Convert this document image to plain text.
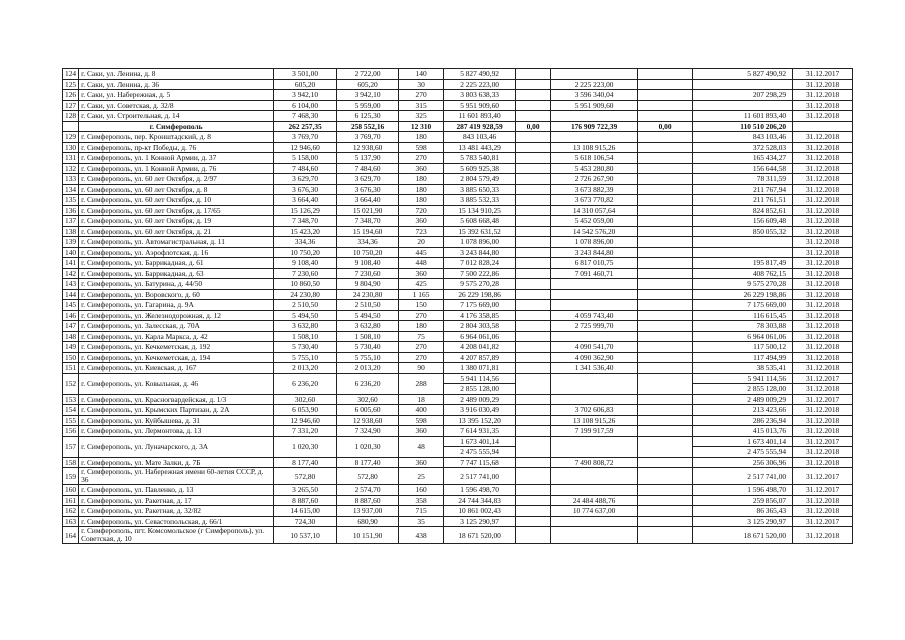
124	г. Саки, ул. Ленина, д. 8	3 501,00	2 722,00	140	5 827 490,92				5 827 490,92	31.12.2017
125	г. Саки, ул. Ленина, д. 36	605,20	605,20	30	2 225 223,00		2 225 223,00			31.12.2018
126	г. Саки, ул. Набережная, д. 5	3 942,10	3 942,10	270	3 803 638,33		3 596 340,04		207 298,29	31.12.2018
127	г. Саки, ул. Советская, д. 32/8	6 104,00	5 959,00	315	5 951 909,60		5 951 909,60			31.12.2018
128	г. Саки, ул. Строительная, д. 14	7 468,30	6 125,30	325	11 601 893,40				11 601 893,40	31.12.2018
	г. Симферополь	262 257,35	258 552,16	12 310	287 419 928,59	0,00	176 909 722,39	0,00	110 510 206,20	
129	г. Симферополь, пер. Кронштадский, д. 8	3 769,70	3 769,70	180	843 103,46				843 103,46	31.12.2018
130	г. Симферополь, пр-кт Победы, д. 76	12 946,60	12 938,60	598	13 481 443,29		13 108 915,26		372 528,03	31.12.2018
131	г. Симферополь, ул. 1 Конной Армии, д. 37	5 158,00	5 137,90	270	5 783 540,81		5 618 106,54		165 434,27	31.12.2018
132	г. Симферополь, ул. 1 Конной Армии, д. 76	7 484,60	7 484,60	360	5 609 925,38		5 453 280,80		156 644,58	31.12.2018
133	г. Симферополь, ул. 60 лет Октября, д. 2/97	3 629,70	3 629,70	180	2 804 579,49		2 726 267,90		78 311,59	31.12.2018
134	г. Симферополь, ул. 60 лет Октября, д. 8	3 676,30	3 676,30	180	3 885 650,33		3 673 882,39		211 767,94	31.12.2018
135	г. Симферополь, ул. 60 лет Октября, д. 10	3 664,40	3 664,40	180	3 885 532,33		3 673 770,82		211 761,51	31.12.2018
136	г. Симферополь, ул. 60 лет Октября, д. 17/65	15 126,29	15 021,90	720	15 134 910,25		14 310 057,64		824 852,61	31.12.2018
137	г. Симферополь, ул. 60 лет Октября, д. 19	7 348,70	7 348,70	360	5 608 668,48		5 452 059,00		156 609,48	31.12.2018
138	г. Симферополь, ул. 60 лет Октября, д. 21	15 423,20	15 194,60	723	15 392 631,52		14 542 576,20		850 055,32	31.12.2018
139	г. Симферополь, ул. Автомагистральная, д. 11	334,36	334,36	20	1 078 896,00		1 078 896,00			31.12.2018
140	г. Симферополь, ул. Аэрофлотская, д. 16	10 750,20	10 750,20	445	3 243 844,80		3 243 844,80			31.12.2018
141	г. Симферополь, ул. Баррикадная, д. 61	9 108,40	9 108,40	448	7 012 828,24		6 817 010,75		195 817,49	31.12.2018
142	г. Симферополь, ул. Баррикадная, д. 63	7 230,60	7 230,60	360	7 500 222,86		7 091 460,71		408 762,15	31.12.2018
143	г. Симферополь, ул. Батурина, д. 44/50	10 860,50	9 804,90	425	9 575 270,28				9 575 270,28	31.12.2018
144	г. Симферополь, ул. Воровского, д. 60	24 230,80	24 230,80	1 165	26 229 198,86				26 229 198,86	31.12.2018
145	г. Симферополь, ул. Гагарина, д. 9А	2 510,50	2 510,50	150	7 175 669,00				7 175 669,00	31.12.2018
146	г. Симферополь, ул. Железнодорожная, д. 12	5 494,50	5 494,50	270	4 176 358,85		4 059 743,40		116 615,45	31.12.2018
147	г. Симферополь, ул. Залесская, д. 70А	3 632,80	3 632,80	180	2 804 303,58		2 725 999,70		78 303,88	31.12.2018
148	г. Симферополь, ул. Карла Маркса, д. 42	1 508,10	1 508,10	75	6 964 061,06				6 964 061,06	31.12.2018
149	г. Симферополь, ул. Кечкеметская, д. 192	5 730,40	5 730,40	270	4 208 041,82		4 090 541,70		117 500,12	31.12.2018
150	г. Симферополь, ул. Кечкеметская, д. 194	5 755,10	5 755,10	270	4 207 857,89		4 090 362,90		117 494,99	31.12.2018
151	г. Симферополь, ул. Киевская, д. 167	2 013,20	2 013,20	90	1 380 071,81		1 341 536,40		38 535,41	31.12.2018
152	г. Симферополь, ул. Ковыльная, д. 46	6 236,20	6 236,20	288	5 941 114,56				5 941 114,56	31.12.2017
					2 855 128,00				2 855 128,00	31.12.2018
153	г. Симферополь, ул. Красногвардейская, д. 1/3	302,60	302,60	18	2 489 009,29				2 489 009,29	31.12.2017
154	г. Симферополь, ул. Крымских Партизан, д. 2А	6 053,90	6 005,60	400	3 916 030,49		3 702 606,83		213 423,66	31.12.2018
155	г. Симферополь, ул. Куйбышева, д. 31	12 946,60	12 938,60	598	13 395 152,20		13 108 915,26		286 236,94	31.12.2018
156	г. Симферополь, ул. Лермонтова, д. 13	7 331,20	7 324,90	360	7 614 931,35		7 199 917,59		415 013,76	31.12.2018
157	г. Симферополь, ул. Луначарского, д. 3А	1 020,30	1 020,30	48	1 673 401,14				1 673 401,14	31.12.2017
					2 475 555,94				2 475 555,94	31.12.2018
158	г. Симферополь, ул. Мате Залки, д. 7Б	8 177,40	8 177,40	360	7 747 115,68		7 490 808,72		256 306,96	31.12.2018
159	г. Симферополь, ул. Набережная имени 60-летия СССР, д. 36	572,80	572,80	25	2 517 741,00				2 517 741,00	31.12.2017
160	г. Симферополь, ул. Павленко, д. 13	3 265,50	2 574,70	160	1 596 498,70				1 596 498,70	31.12.2017
161	г. Симферополь, ул. Ракетная, д. 17	8 887,60	8 887,60	358	24 744 344,83		24 484 488,76		259 856,07	31.12.2018
162	г. Симферополь, ул. Ракетная, д. 32/82	14 615,00	13 937,00	715	10 861 002,43		10 774 637,00		86 365,43	31.12.2018
163	г. Симферополь, ул. Севастопольская, д. 66/1	724,30	680,90	35	3 125 290,97				3 125 290,97	31.12.2017
164	г. Симферополь, пгт. Комсомольское (г Симферополь), ул. Советская, д. 10	10 537,10	10 151,90	438	18 671 520,00				18 671 520,00	31.12.2018
